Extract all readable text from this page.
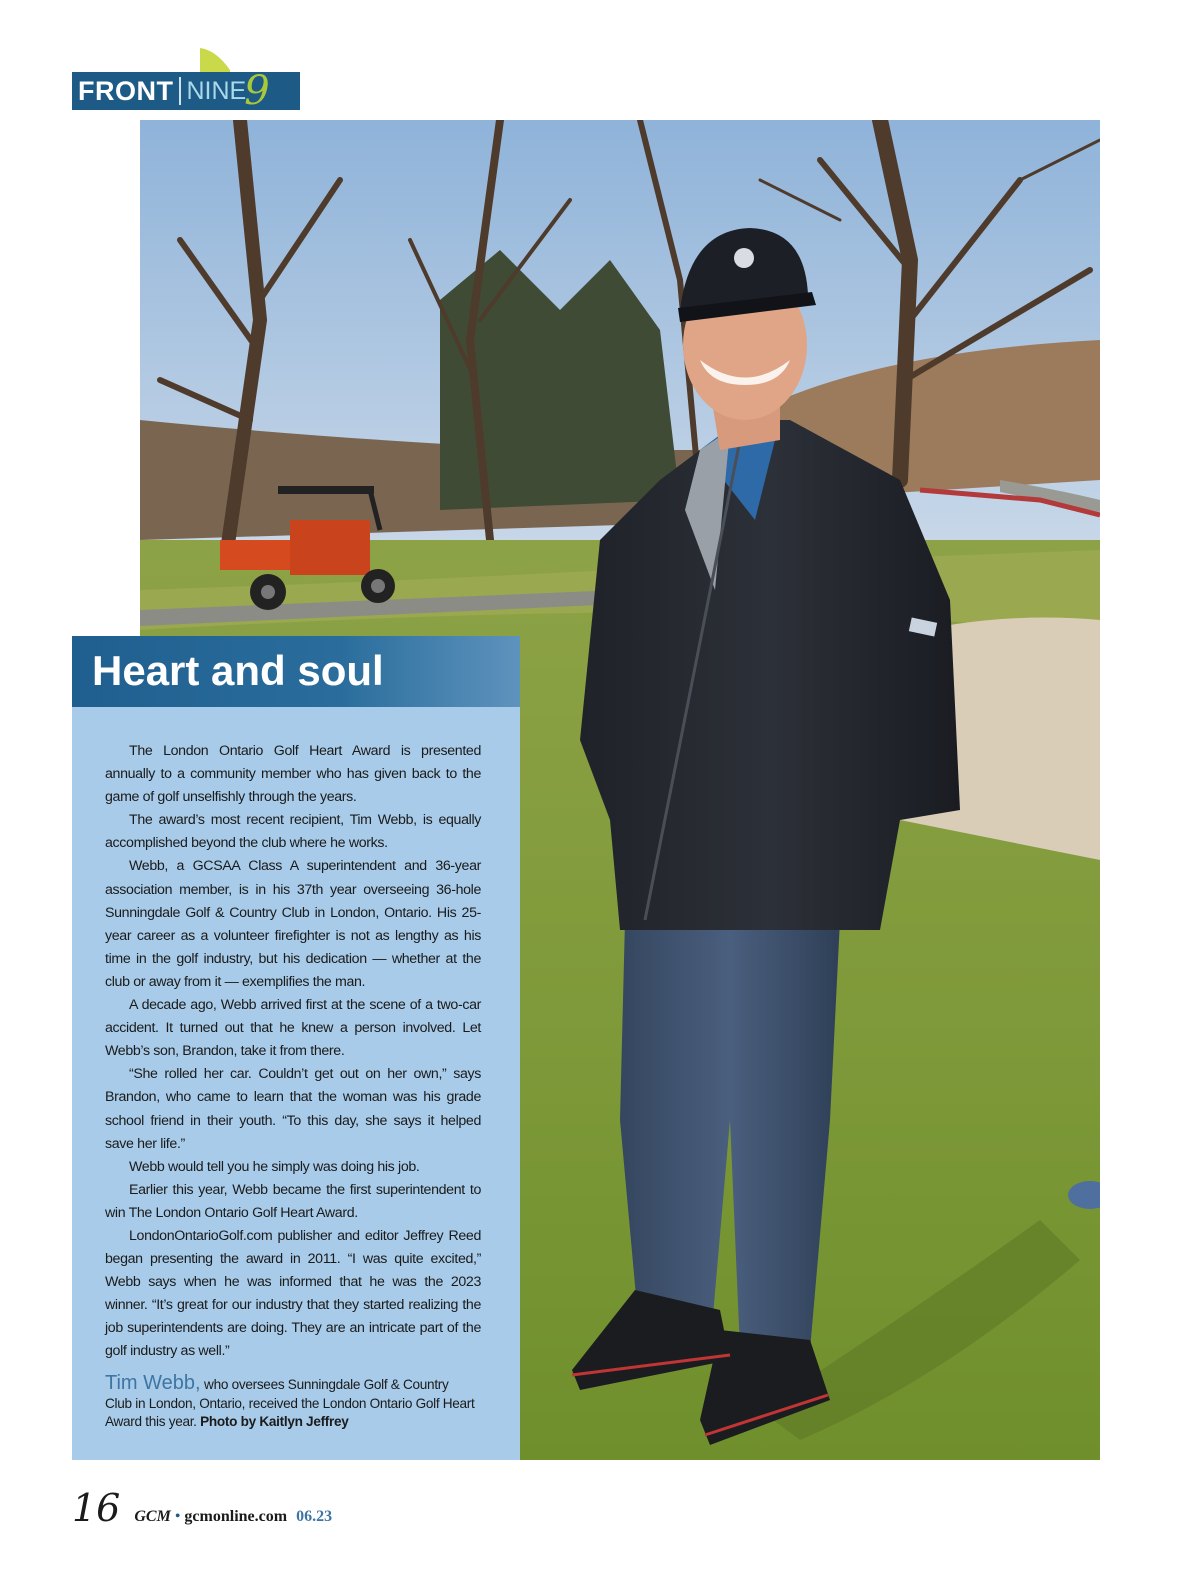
FRONT NINE
9
Heart and soul

The London Ontario Golf Heart Award is presented annually to a community member who has given back to the game of golf unselfishly through the years.

The award’s most recent recipient, Tim Webb, is equally accomplished beyond the club where he works.

Webb, a GCSAA Class A superintendent and 36-year association member, is in his 37th year overseeing 36-hole Sunningdale Golf & Country Club in London, Ontario. His 25-year career as a volunteer firefighter is not as lengthy as his time in the golf industry, but his dedication — whether at the club or away from it — exemplifies the man.

A decade ago, Webb arrived first at the scene of a two-car accident. It turned out that he knew a person involved. Let Webb’s son, Brandon, take it from there.

“She rolled her car. Couldn’t get out on her own,” says Brandon, who came to learn that the woman was his grade school friend in their youth. “To this day, she says it helped save her life.”

Webb would tell you he simply was doing his job.

Earlier this year, Webb became the first superintendent to win The London Ontario Golf Heart Award.

LondonOntarioGolf.com publisher and editor Jeffrey Reed began presenting the award in 2011. “I was quite excited,” Webb says when he was informed that he was the 2023 winner. “It’s great for our industry that they started realizing the job superintendents are doing. They are an intricate part of the golf industry as well.”

Tim Webb, who oversees Sunningdale Golf & Country Club in London, Ontario, received the London Ontario Golf Heart Award this year. Photo by Kaitlyn Jeffrey
16 GCM • gcmonline.com 06.23
